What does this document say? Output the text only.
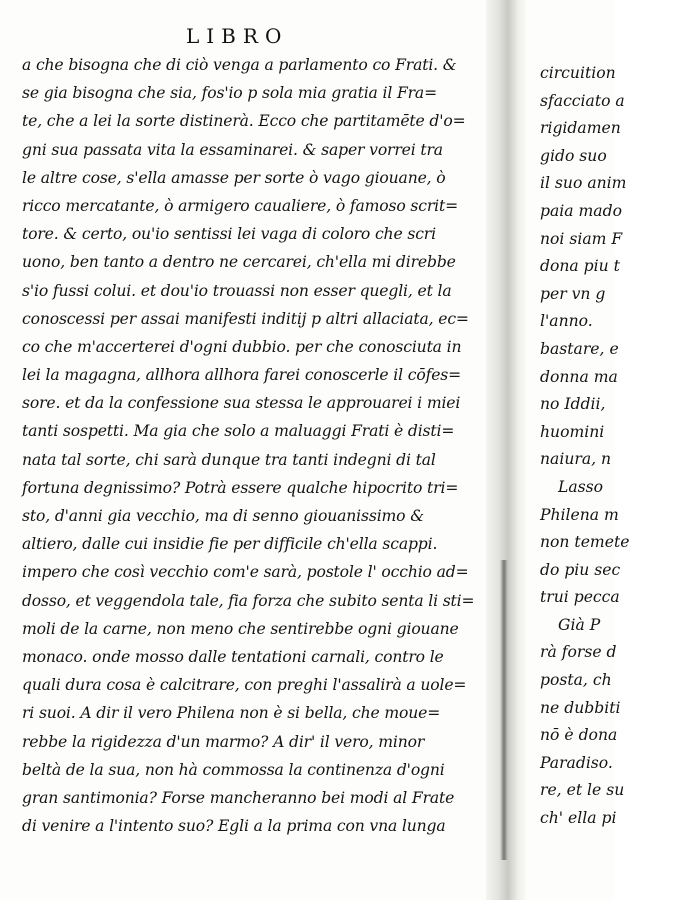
LIBRO
a che bisogna che di ciò venga a parlamento co Frati. &
se gia bisogna che sia, fos'io p sola mia gratia il Fra=
te, che a lei la sorte distinerà. Ecco che partitamēte d'o=
gni sua passata vita la essaminarei. & saper vorrei tra
le altre cose, s'ella amasse per sorte ò vago giouane, ò
ricco mercatante, ò armigero caualiere, ò famoso scrit=
tore. & certo, ou'io sentissi lei vaga di coloro che scri
uono, ben tanto a dentro ne cercarei, ch'ella mi direbbe
s'io fussi colui. et dou'io trouassi non esser quegli, et la
conoscessi per assai manifesti inditij p altri allaciata, ec=
co che m'accerterei d'ogni dubbio. per che conosciuta in
lei la magagna, allhora allhora farei conoscerle il cōfes=
sore. et da la confessione sua stessa le approuarei i miei
tanti sospetti. Ma gia che solo a maluaggi Frati è disti=
nata tal sorte, chi sarà dunque tra tanti indegni di tal
fortuna degnissimo? Potrà essere qualche hipocrito tri=
sto, d'anni gia vecchio, ma di senno giouanissimo &
altiero, dalle cui insidie fie per difficile ch'ella scappi.
impero che così vecchio com'e sarà, postole l' occhio ad=
dosso, et veggendola tale, fia forza che subito senta li sti=
moli de la carne, non meno che sentirebbe ogni giouane
monaco. onde mosso dalle tentationi carnali, contro le
quali dura cosa è calcitrare, con preghi l'assalirà a uole=
ri suoi. A dir il vero Philena non è si bella, che moue=
rebbe la rigidezza d'un marmo? A dir' il vero, minor
beltà de la sua, non hà commossa la continenza d'ogni
gran santimonia? Forse mancheranno bei modi al Frate
di venire a l'intento suo? Egli a la prima con vna lunga
circuition
sfacciato a
rigidamen
gido suo
il suo anim
paia mado
noi siam F
dona piu t
per vn g
l'anno.
bastare, e
donna ma
no Iddii,
huomini
naiura, n
Lasso
Philena m
non temete
do piu sec
trui pecca
Già P
rà forse d
posta, ch
ne dubbiti
nō è dona
Paradiso.
re, et le su
ch' ella pi
